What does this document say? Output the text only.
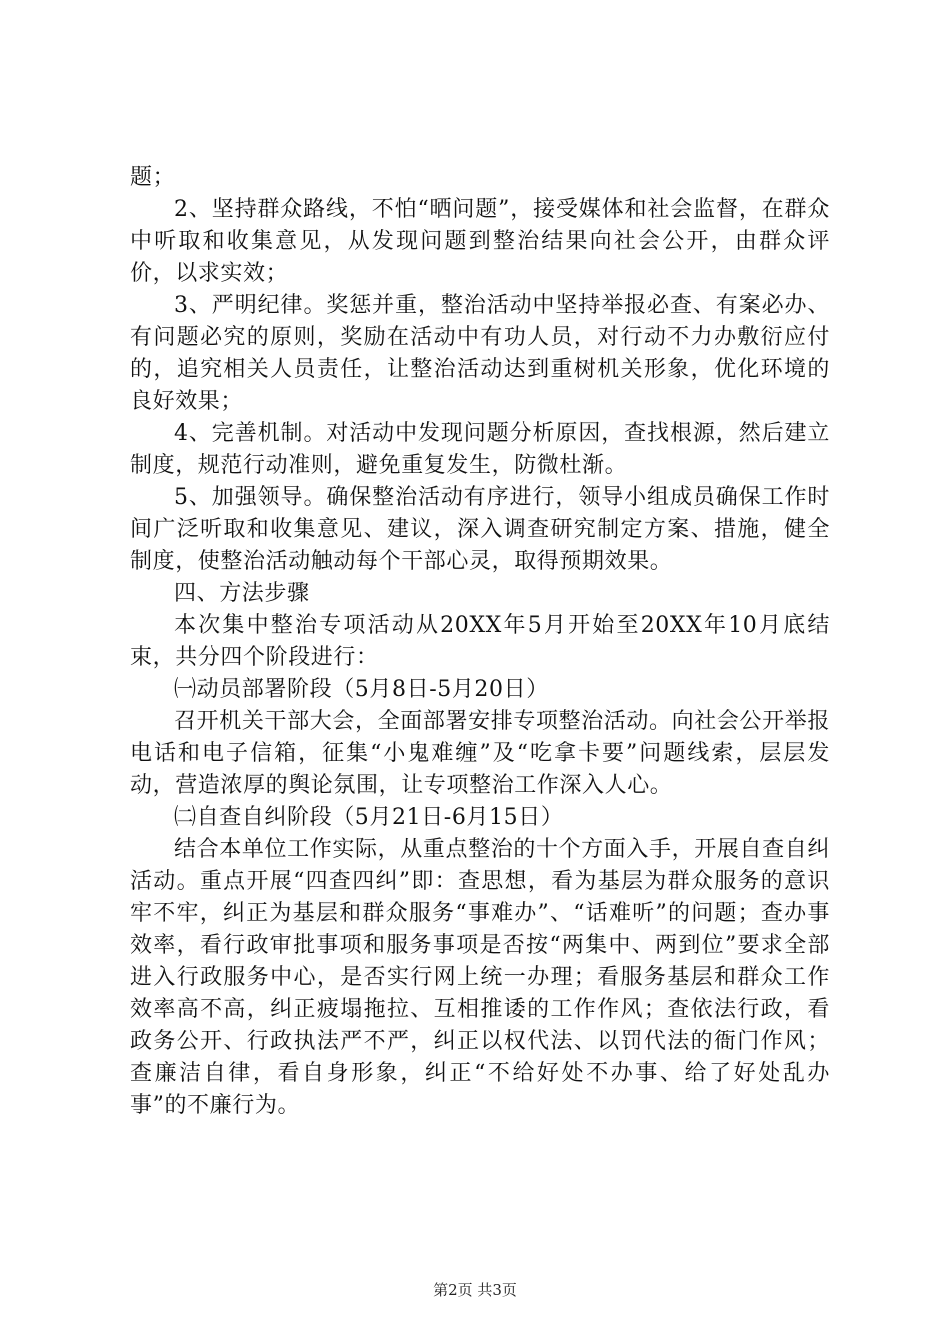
题；

2、坚持群众路线，不怕“晒问题”，接受媒体和社会监督，在群众中听取和收集意见，从发现问题到整治结果向社会公开，由群众评价，以求实效；

3、严明纪律。奖惩并重，整治活动中坚持举报必查、有案必办、有问题必究的原则，奖励在活动中有功人员，对行动不力办敷衍应付的，追究相关人员责任，让整治活动达到重树机关形象，优化环境的良好效果；

4、完善机制。对活动中发现问题分析原因，查找根源，然后建立制度，规范行动准则，避免重复发生，防微杜渐。

5、加强领导。确保整治活动有序进行，领导小组成员确保工作时间广泛听取和收集意见、建议，深入调查研究制定方案、措施，健全制度，使整治活动触动每个干部心灵，取得预期效果。

四、方法步骤

本次集中整治专项活动从20XX年5月开始至20XX年10月底结束，共分四个阶段进行：

㈠动员部署阶段（5月8日-5月20日）

召开机关干部大会，全面部署安排专项整治活动。向社会公开举报电话和电子信箱，征集“小鬼难缠”及“吃拿卡要”问题线索，层层发动，营造浓厚的舆论氛围，让专项整治工作深入人心。

㈡自查自纠阶段（5月21日-6月15日）

结合本单位工作实际，从重点整治的十个方面入手，开展自查自纠活动。重点开展“四查四纠”即：查思想，看为基层为群众服务的意识牢不牢，纠正为基层和群众服务“事难办”、“话难听”的问题；查办事效率，看行政审批事项和服务事项是否按“两集中、两到位”要求全部进入行政服务中心，是否实行网上统一办理；看服务基层和群众工作效率高不高，纠正疲塌拖拉、互相推诿的工作作风；查依法行政，看政务公开、行政执法严不严，纠正以权代法、以罚代法的衙门作风；查廉洁自律，看自身形象，纠正“不给好处不办事、给了好处乱办事”的不廉行为。

第2页 共3页
